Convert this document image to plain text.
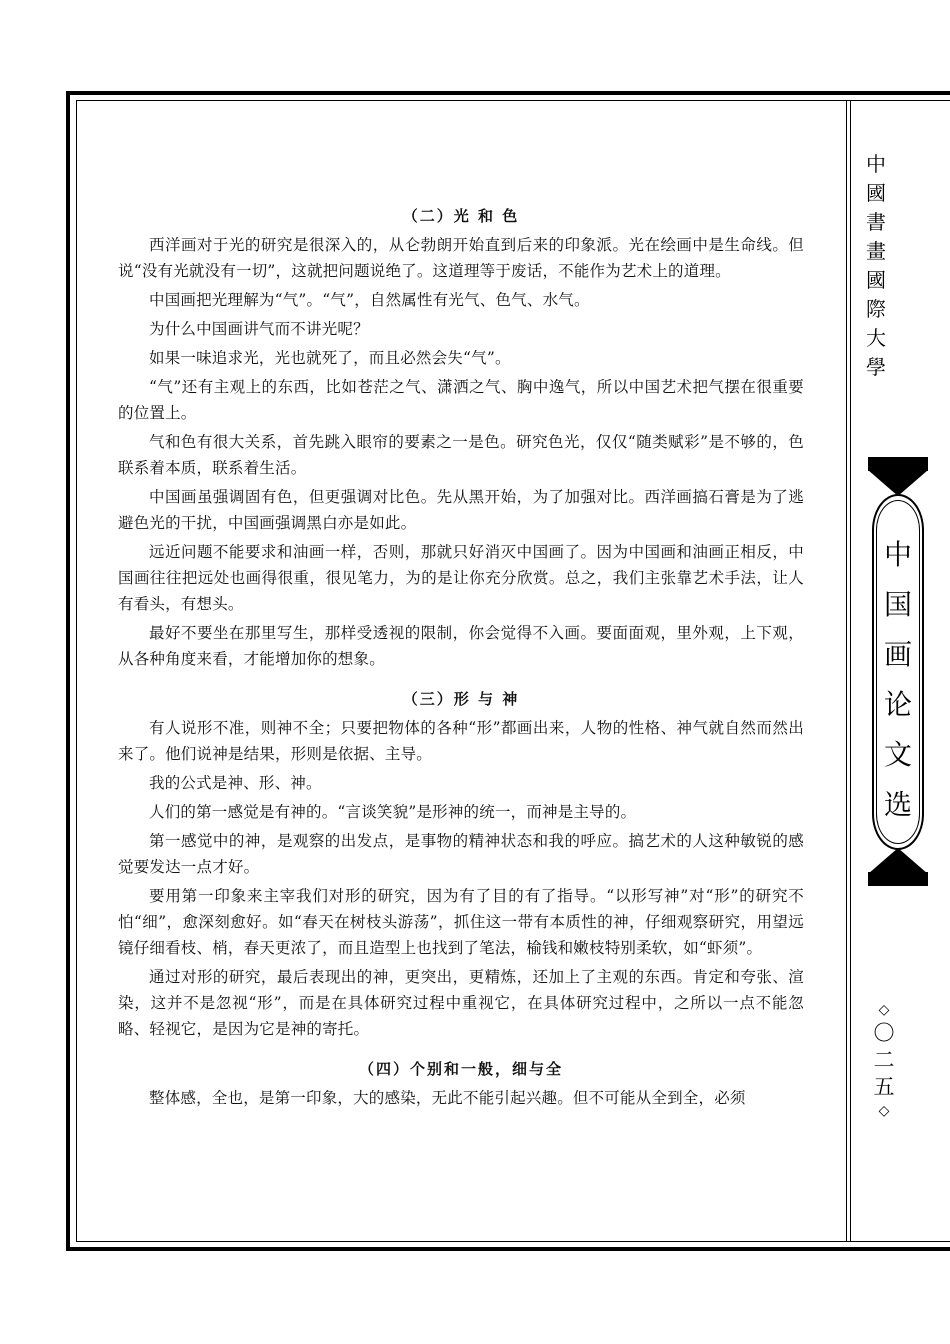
中
國
書
畫
國
際
大
學
中
国
画
论
文
选
◇
〇
二
五
◇
（二）光 和 色

西洋画对于光的研究是很深入的，从仑勃朗开始直到后来的印象派。光在绘画中是生命线。但说“没有光就没有一切”，这就把问题说绝了。这道理等于废话，不能作为艺术上的道理。

中国画把光理解为“气”。“气”，自然属性有光气、色气、水气。

为什么中国画讲气而不讲光呢？

如果一味追求光，光也就死了，而且必然会失“气”。

“气”还有主观上的东西，比如苍茫之气、潇洒之气、胸中逸气，所以中国艺术把气摆在很重要的位置上。

气和色有很大关系，首先跳入眼帘的要素之一是色。研究色光，仅仅“随类赋彩”是不够的，色联系着本质，联系着生活。

中国画虽强调固有色，但更强调对比色。先从黑开始，为了加强对比。西洋画搞石膏是为了逃避色光的干扰，中国画强调黑白亦是如此。

远近问题不能要求和油画一样，否则，那就只好消灭中国画了。因为中国画和油画正相反，中国画往往把远处也画得很重，很见笔力，为的是让你充分欣赏。总之，我们主张靠艺术手法，让人有看头，有想头。

最好不要坐在那里写生，那样受透视的限制，你会觉得不入画。要面面观，里外观，上下观，从各种角度来看，才能增加你的想象。

（三）形 与 神

有人说形不准，则神不全；只要把物体的各种“形”都画出来，人物的性格、神气就自然而然出来了。他们说神是结果，形则是依据、主导。

我的公式是神、形、神。

人们的第一感觉是有神的。“言谈笑貌”是形神的统一，而神是主导的。

第一感觉中的神，是观察的出发点，是事物的精神状态和我的呼应。搞艺术的人这种敏锐的感觉要发达一点才好。

要用第一印象来主宰我们对形的研究，因为有了目的有了指导。“以形写神”对“形”的研究不怕“细”，愈深刻愈好。如“春天在树枝头游荡”，抓住这一带有本质性的神，仔细观察研究，用望远镜仔细看枝、梢，春天更浓了，而且造型上也找到了笔法，榆钱和嫩枝特别柔软，如“虾须”。

通过对形的研究，最后表现出的神，更突出，更精炼，还加上了主观的东西。肯定和夸张、渲染，这并不是忽视“形”，而是在具体研究过程中重视它，在具体研究过程中，之所以一点不能忽略、轻视它，是因为它是神的寄托。

（四）个别和一般，细与全

整体感，全也，是第一印象，大的感染，无此不能引起兴趣。但不可能从全到全，必须
